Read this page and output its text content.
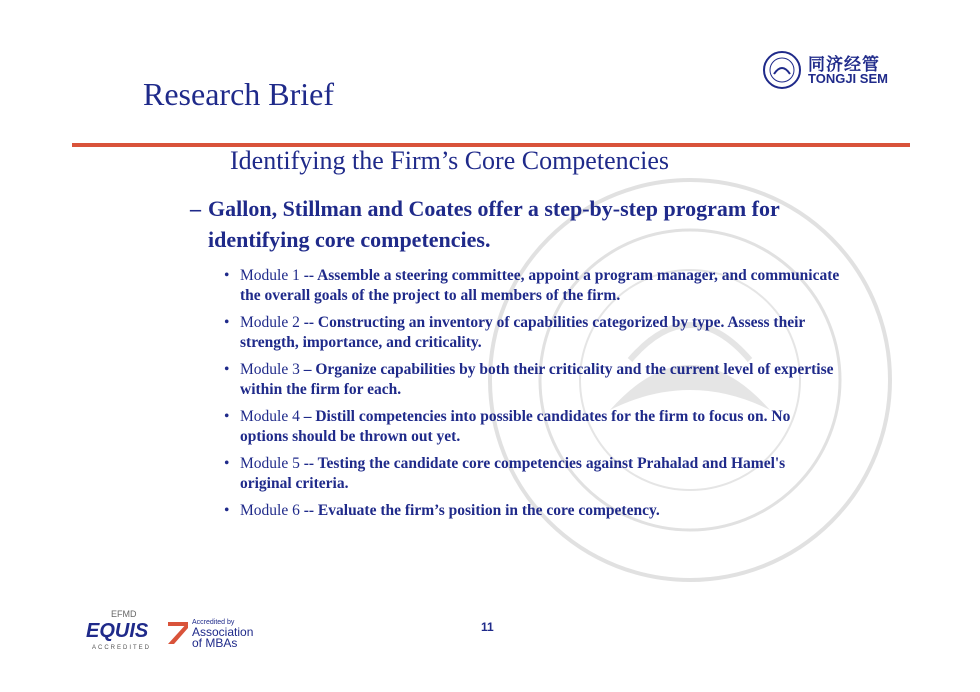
Research Brief
同济经管
TONGJI SEM
Identifying the Firm’s Core Competencies
– Gallon, Stillman and Coates offer a step-by-step program for identifying core competencies.
• Module 1 -- Assemble a steering committee, appoint a program manager, and communicate the overall goals of the project to all members of the firm.
• Module 2 -- Constructing an inventory of capabilities categorized by type. Assess their strength, importance, and criticality.
• Module 3 – Organize capabilities by both their criticality and the current level of expertise within the firm for each.
• Module 4 – Distill competencies into possible candidates for the firm to focus on. No options should be thrown out yet.
• Module 5 -- Testing the candidate core competencies against Prahalad and Hamel's original criteria.
• Module 6 -- Evaluate the firm’s position in the core competency.
11
EFMD
EQUIS
ACCREDITED
Accredited by
Association
of MBAs
